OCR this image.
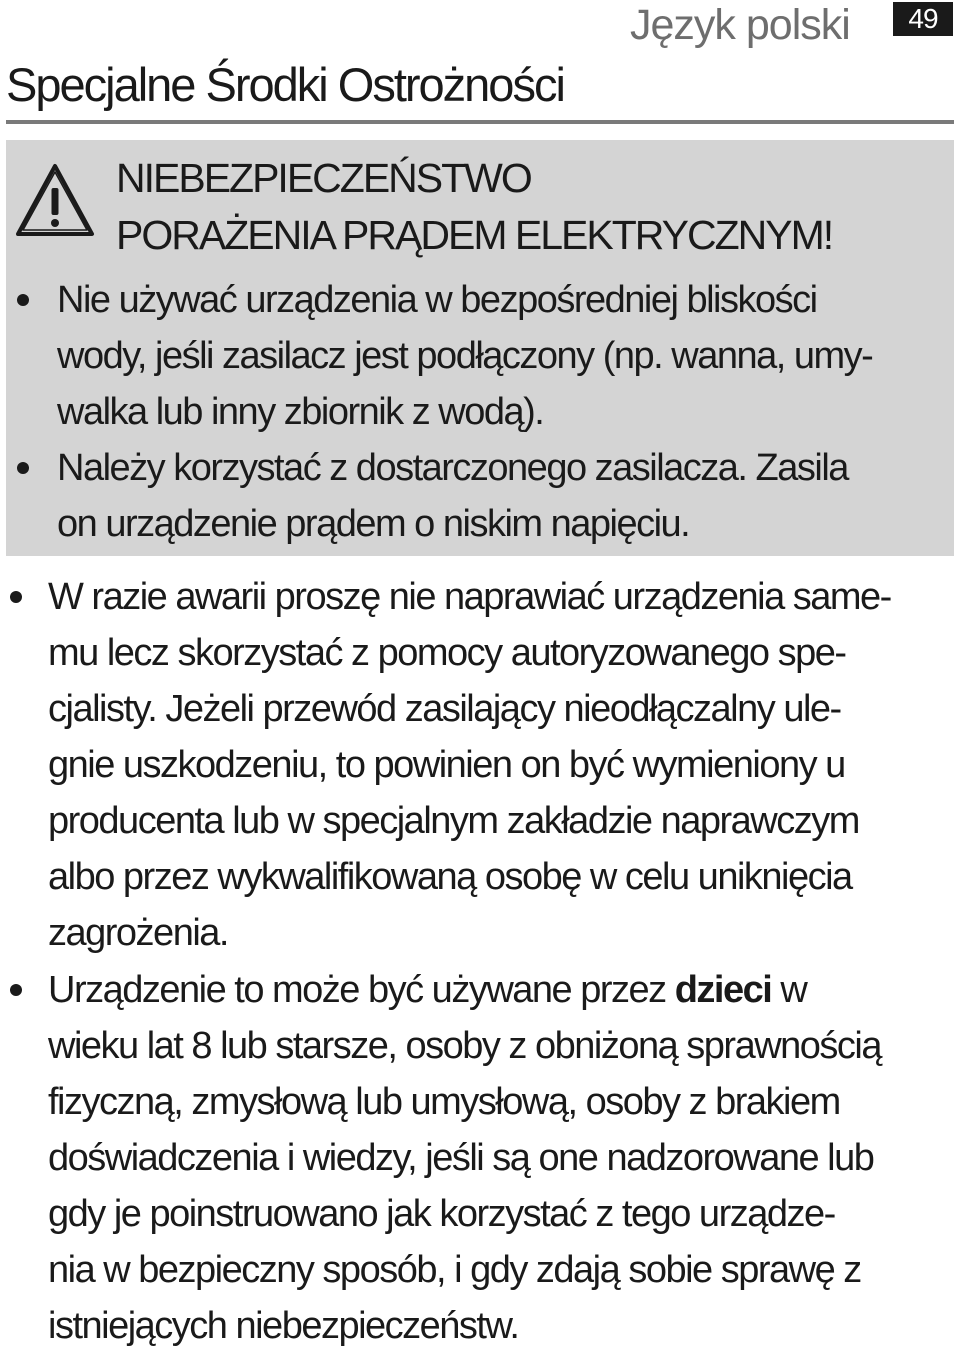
Język polski	49
Specjalne Środki Ostrożności
NIEBEZPIECZEŃSTWO
PORAŻENIA PRĄDEM ELEKTRYCZNYM!
Nie używać urządzenia w bezpośredniej bliskości
wody, jeśli zasilacz jest podłączony (np. wanna, umy-
walka lub inny zbiornik z wodą).
Należy korzystać z dostarczonego zasilacza. Zasila
on urządzenie prądem o niskim napięciu.
W razie awarii proszę nie naprawiać urządzenia same-
mu lecz skorzystać z pomocy autoryzowanego spe-
cjalisty. Jeżeli przewód zasilający nieodłączalny ule-
gnie uszkodzeniu, to powinien on być wymieniony u
producenta lub w specjalnym zakładzie naprawczym
albo przez wykwalifikowaną osobę w celu uniknięcia
zagrożenia.
Urządzenie to może być używane przez dzieci w
wieku lat 8 lub starsze, osoby z obniżoną sprawnością
fizyczną, zmysłową lub umysłową, osoby z brakiem
doświadczenia i wiedzy, jeśli są one nadzorowane lub
gdy je poinstruowano jak korzystać z tego urządze-
nia w bezpieczny sposób, i gdy zdają sobie sprawę z
istniejących niebezpieczeństw.
